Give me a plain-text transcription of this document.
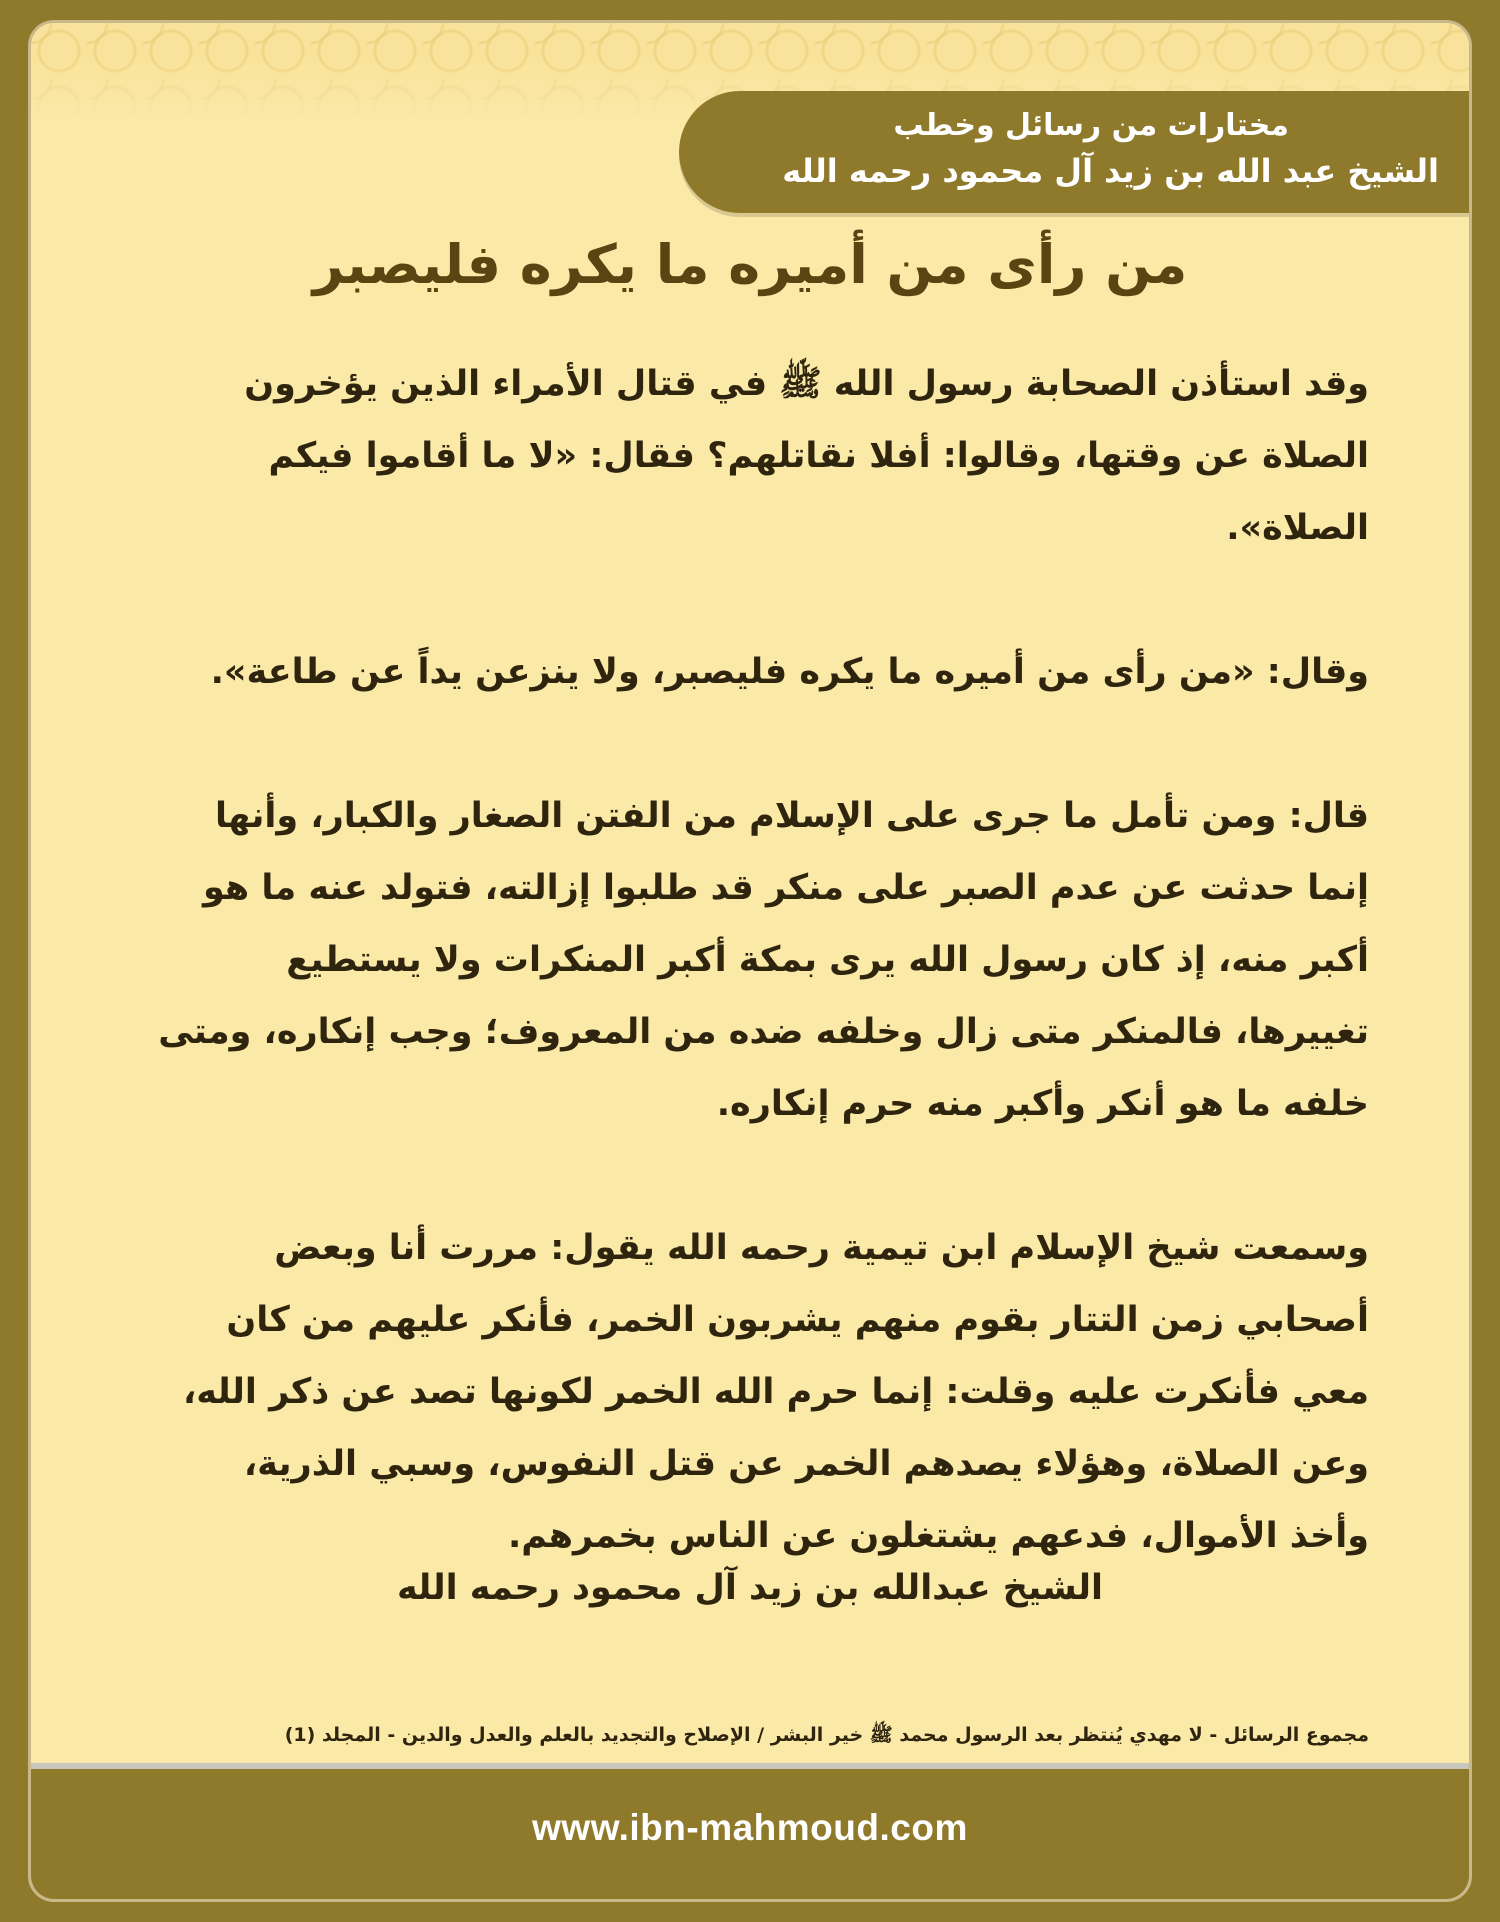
مختارات من رسائل وخطب
الشيخ عبد الله بن زيد آل محمود رحمه الله
من رأى من أميره ما يكره فليصبر

وقد استأذن الصحابة رسول الله ﷺ في قتال الأمراء الذين يؤخرون الصلاة عن وقتها، وقالوا: أفلا نقاتلهم؟ فقال: «لا ما أقاموا فيكم الصلاة».

وقال: «من رأى من أميره ما يكره فليصبر، ولا ينزعن يداً عن طاعة».

قال: ومن تأمل ما جرى على الإسلام من الفتن الصغار والكبار، وأنها إنما حدثت عن عدم الصبر على منكر قد طلبوا إزالته، فتولد عنه ما هو أكبر منه، إذ كان رسول الله يرى بمكة أكبر المنكرات ولا يستطيع تغييرها، فالمنكر متى زال وخلفه ضده من المعروف؛ وجب إنكاره، ومتى خلفه ما هو أنكر وأكبر منه حرم إنكاره.

وسمعت شيخ الإسلام ابن تيمية رحمه الله يقول: مررت أنا وبعض أصحابي زمن التتار بقوم منهم يشربون الخمر، فأنكر عليهم من كان معي فأنكرت عليه وقلت: إنما حرم الله الخمر لكونها تصد عن ذكر الله، وعن الصلاة، وهؤلاء يصدهم الخمر عن قتل النفوس، وسبي الذرية، وأخذ الأموال، فدعهم يشتغلون عن الناس بخمرهم.

الشيخ عبدالله بن زيد آل محمود رحمه الله
مجموع الرسائل - لا مهدي يُنتظر بعد الرسول محمد ﷺ خير البشر / الإصلاح والتجديد بالعلم والعدل والدين - المجلد (1)
www.ibn-mahmoud.com
